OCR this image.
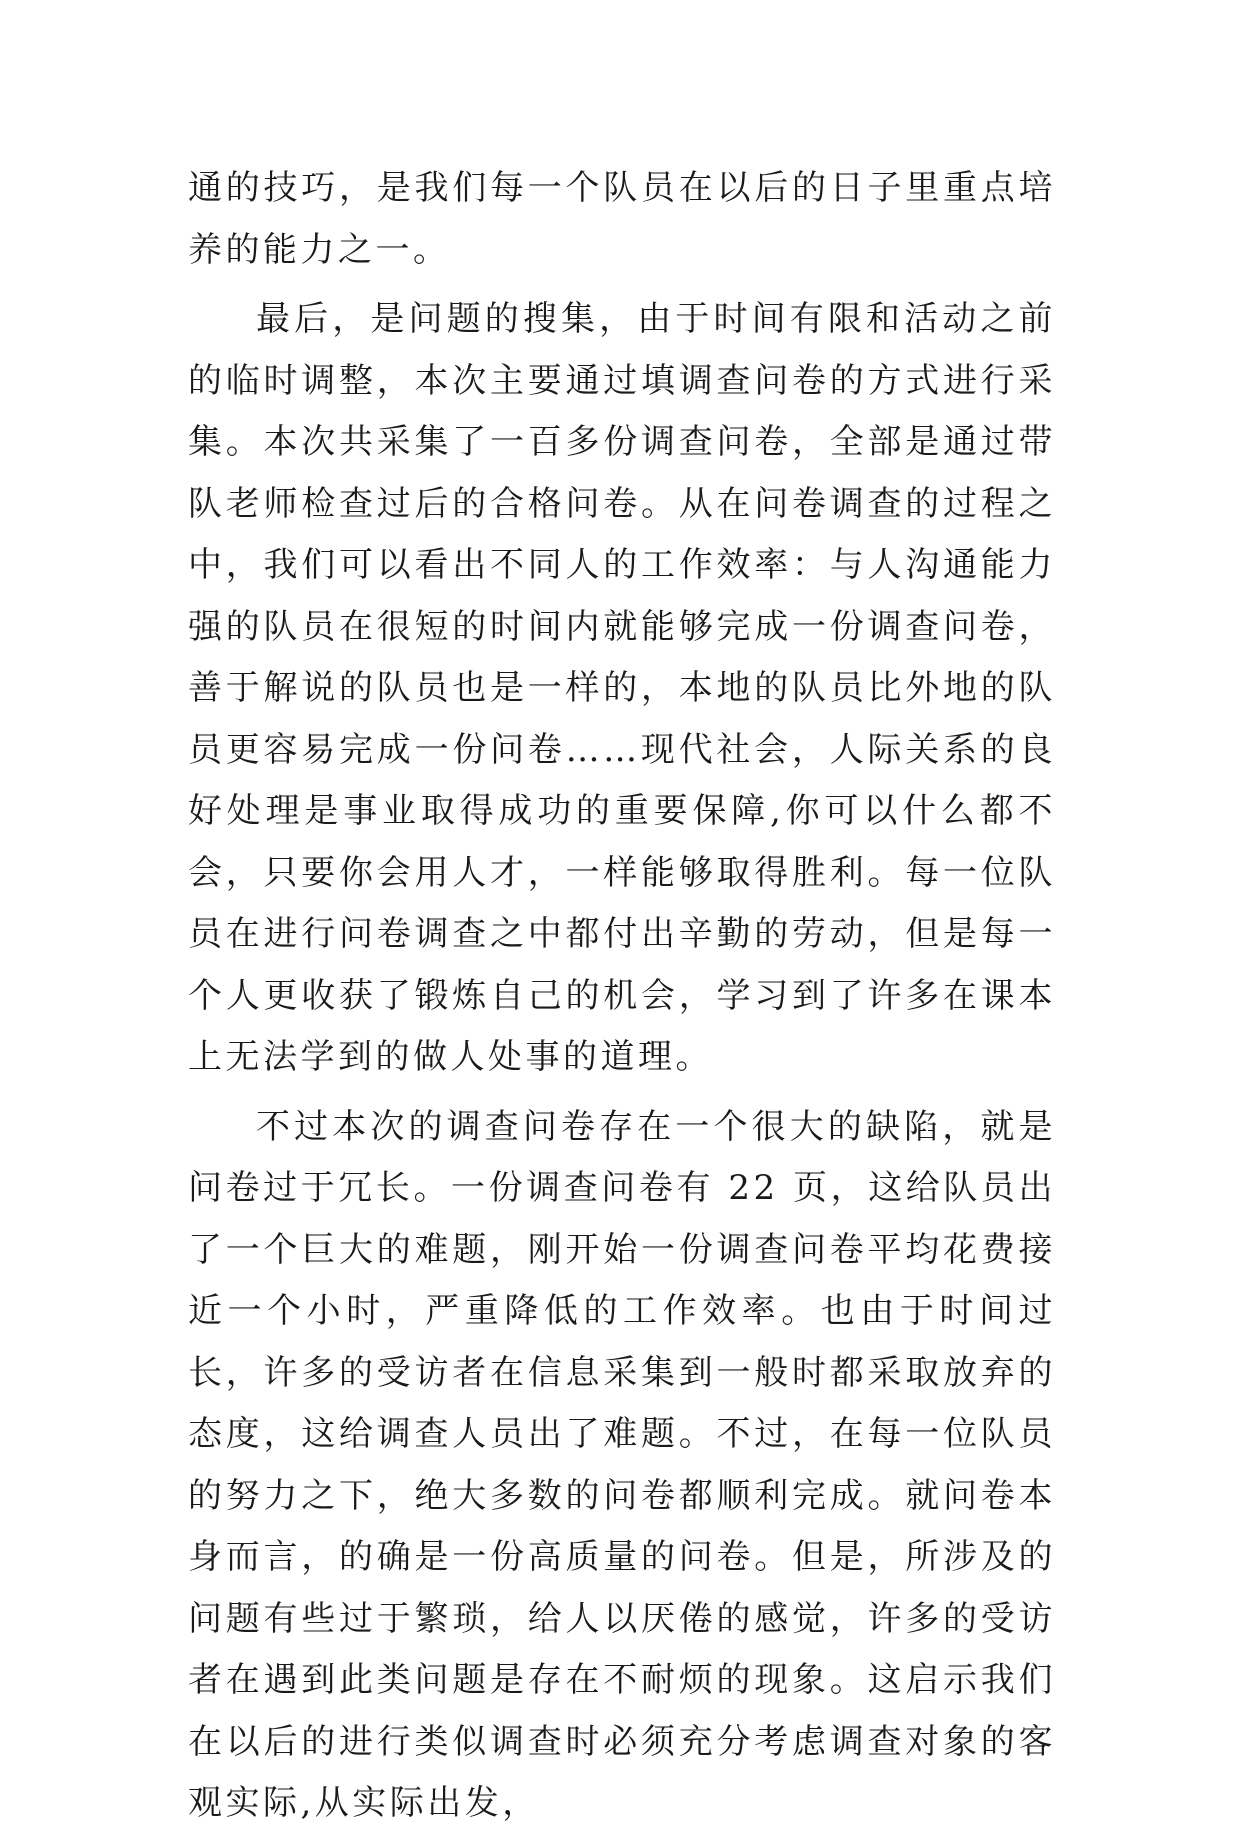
通的技巧，是我们每一个队员在以后的日子里重点培养的能力之一。

最后，是问题的搜集，由于时间有限和活动之前的临时调整，本次主要通过填调查问卷的方式进行采集。本次共采集了一百多份调查问卷，全部是通过带队老师检查过后的合格问卷。从在问卷调查的过程之中，我们可以看出不同人的工作效率：与人沟通能力强的队员在很短的时间内就能够完成一份调查问卷，善于解说的队员也是一样的，本地的队员比外地的队员更容易完成一份问卷……现代社会，人际关系的良好处理是事业取得成功的重要保障,你可以什么都不会，只要你会用人才，一样能够取得胜利。每一位队员在进行问卷调查之中都付出辛勤的劳动，但是每一个人更收获了锻炼自己的机会，学习到了许多在课本上无法学到的做人处事的道理。

不过本次的调查问卷存在一个很大的缺陷，就是问卷过于冗长。一份调查问卷有 22 页，这给队员出了一个巨大的难题，刚开始一份调查问卷平均花费接近一个小时，严重降低的工作效率。也由于时间过长，许多的受访者在信息采集到一般时都采取放弃的态度，这给调查人员出了难题。不过，在每一位队员的努力之下，绝大多数的问卷都顺利完成。就问卷本身而言，的确是一份高质量的问卷。但是，所涉及的问题有些过于繁琐，给人以厌倦的感觉，许多的受访者在遇到此类问题是存在不耐烦的现象。这启示我们在以后的进行类似调查时必须充分考虑调查对象的客观实际,从实际出发，
